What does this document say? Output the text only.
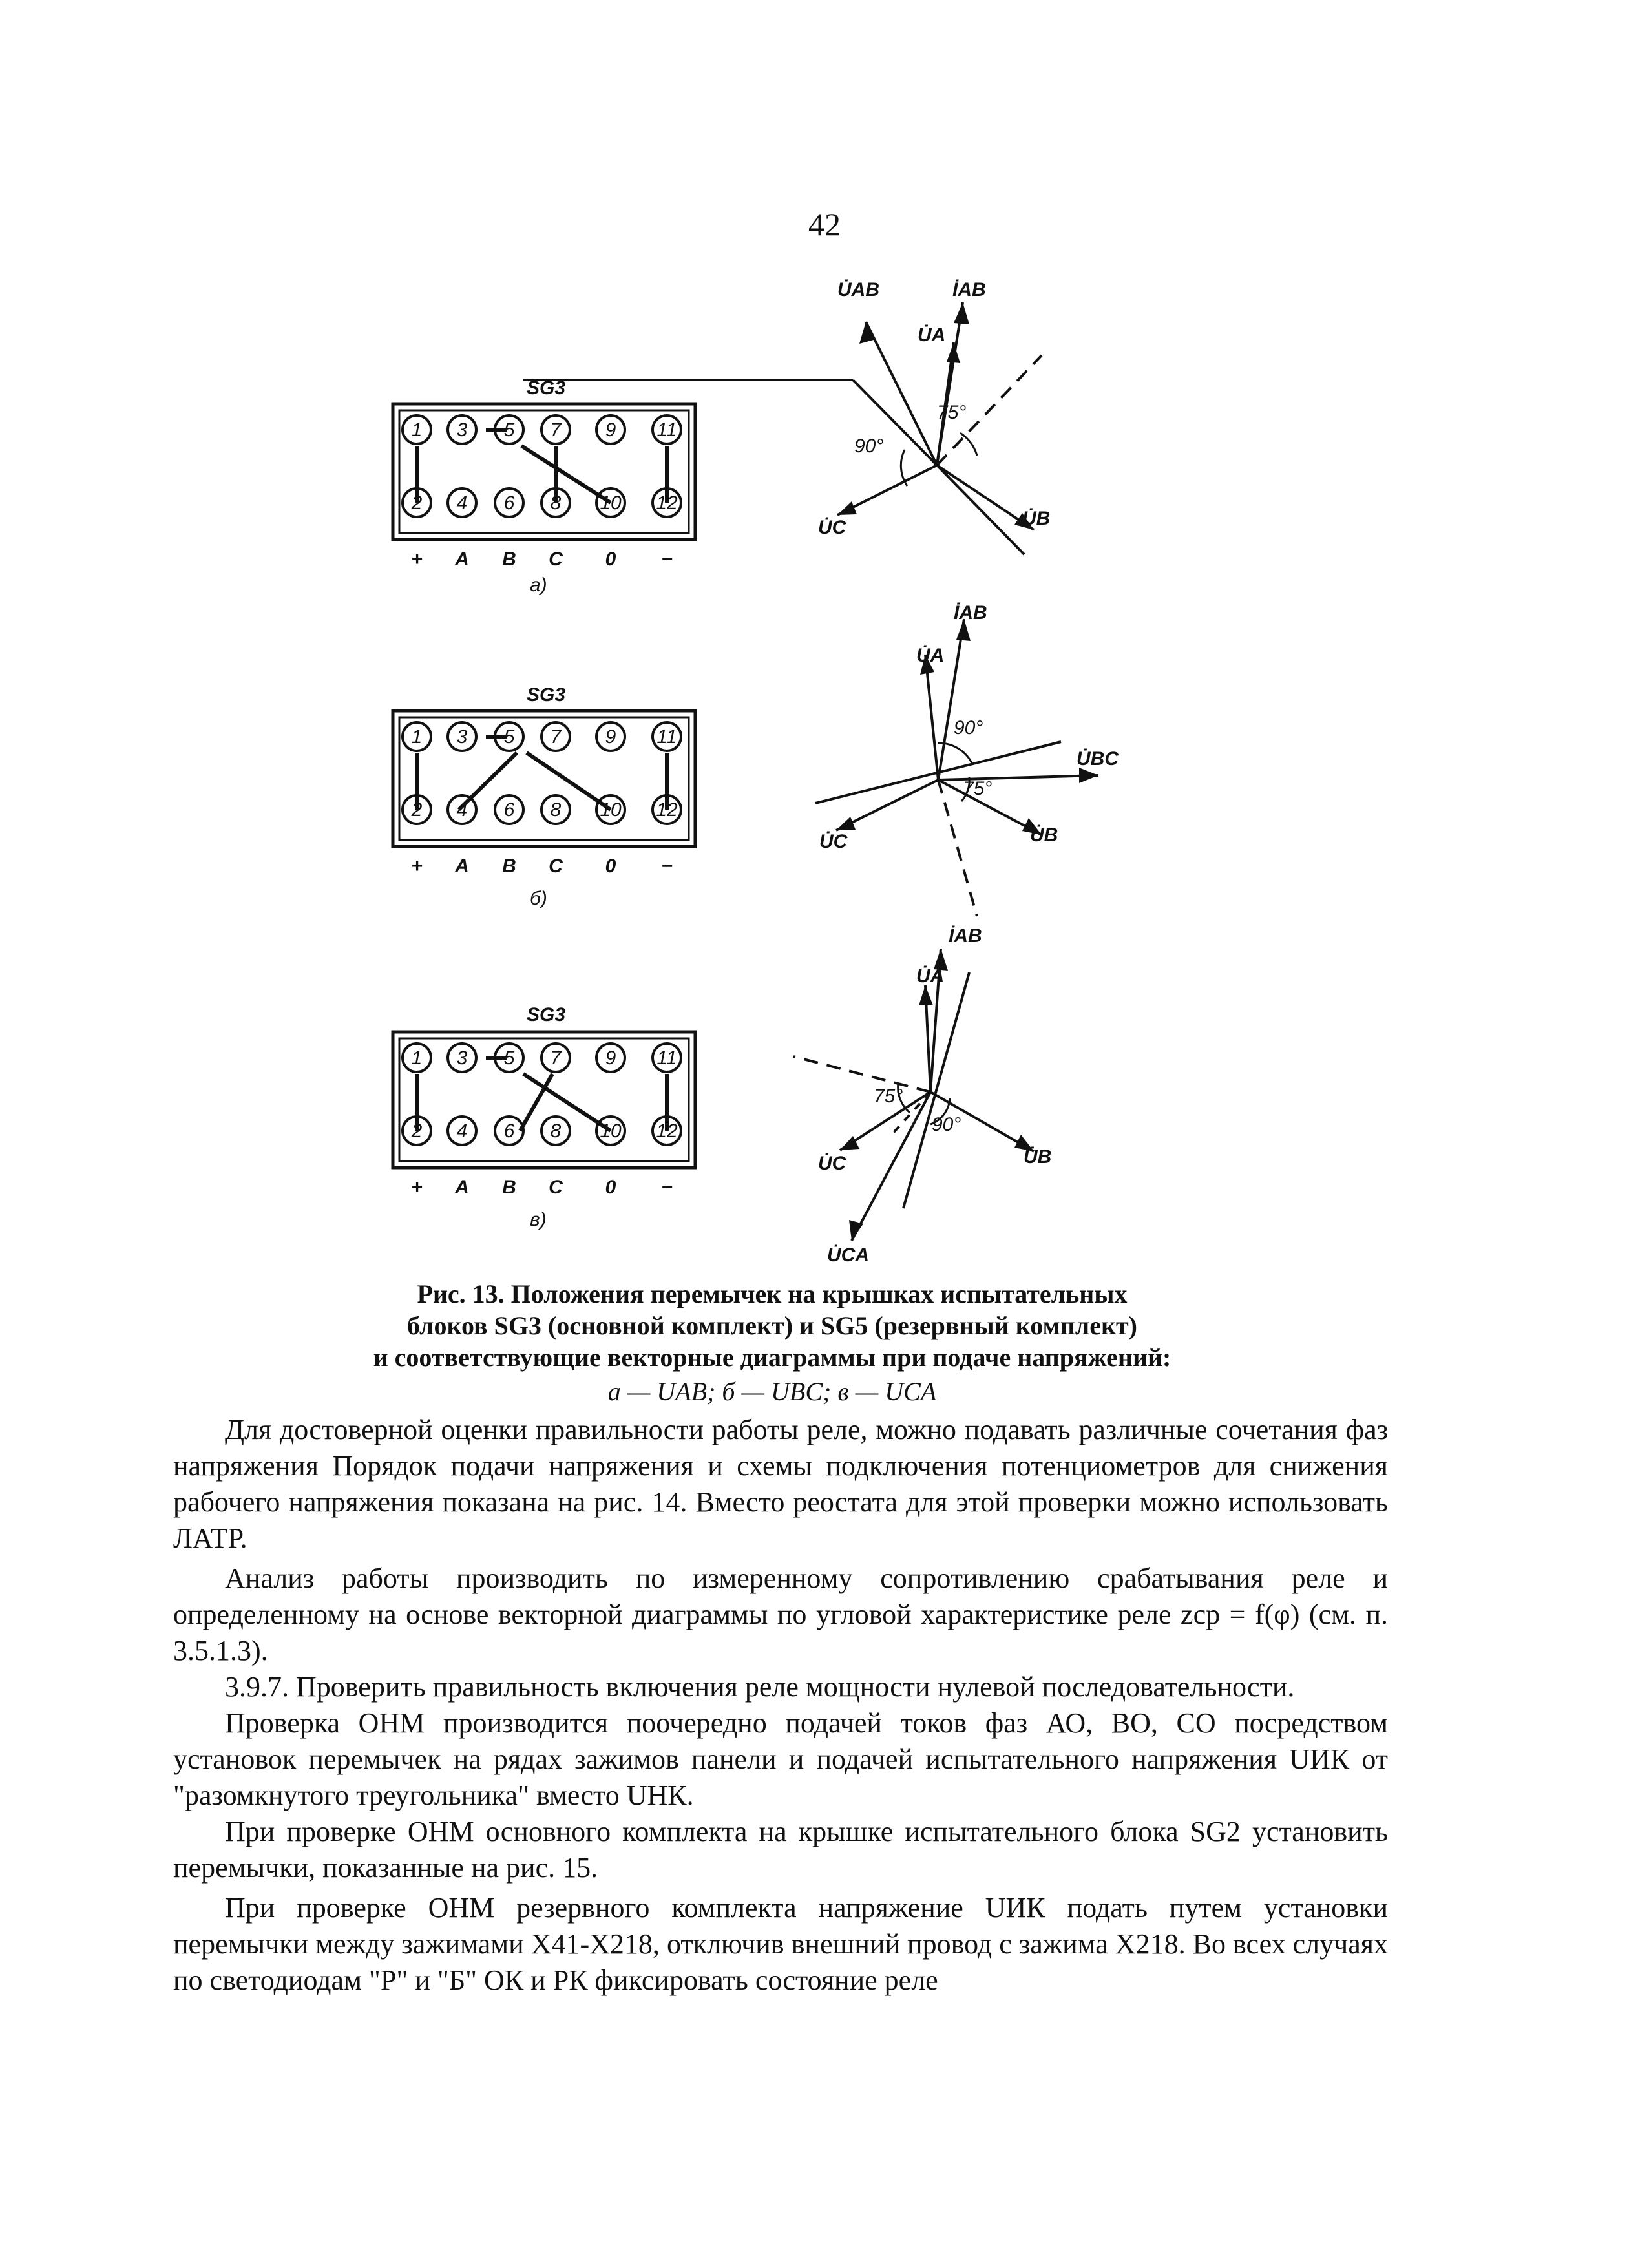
42
SG3
1 3 5 7 9 11
2 4 6 8 10 12
+ A B C 0 −
а)
U̇AB	İAB
U̇A
U̇B
U̇C
90°
75°
SG3
1 3 5 7 9 11
2 4 6 8 10 12
+ A B C 0 −
б)
İAB
U̇A
U̇BC
U̇B
U̇C
90°
75°
SG3
1 3 5 7 9 11
2 4 6 8 10 12
+ A B C 0 −
в)
İAB
U̇A
U̇B
U̇C
U̇CA
75°
90°
Рис. 13. Положения перемычек на крышках испытательных
блоков SG3 (основной комплект) и SG5 (резервный комплект)
и соответствующие векторные диаграммы при подаче напряжений:
а — UAB; б — UBC; в — UCA

Для достоверной оценки правильности работы реле, можно подавать различные сочетания фаз напряжения Порядок подачи напряжения и схемы подключения потенциометров для снижения рабочего напряжения показана на рис. 14. Вместо реостата для этой проверки можно использовать ЛАТР.

Анализ работы производить по измеренному сопротивлению срабатывания реле и определенному на основе векторной диаграммы по угловой характеристике реле zср = f(φ) (см. п. 3.5.1.3).

3.9.7. Проверить правильность включения реле мощности нулевой последовательности.

Проверка ОНМ производится поочередно подачей токов фаз АО, ВО, СО посредством установок перемычек на рядах зажимов панели и подачей испытательного напряжения UИК от "разомкнутого треугольника" вместо UНК.

При проверке ОНМ основного комплекта на крышке испытательного блока SG2 установить перемычки, показанные на рис. 15.

При проверке ОНМ резервного комплекта напряжение UИК подать путем установки перемычки между зажимами Х41-Х218, отключив внешний провод с зажима Х218. Во всех случаях по светодиодам "Р" и "Б" ОК и РК фиксировать состояние реле
